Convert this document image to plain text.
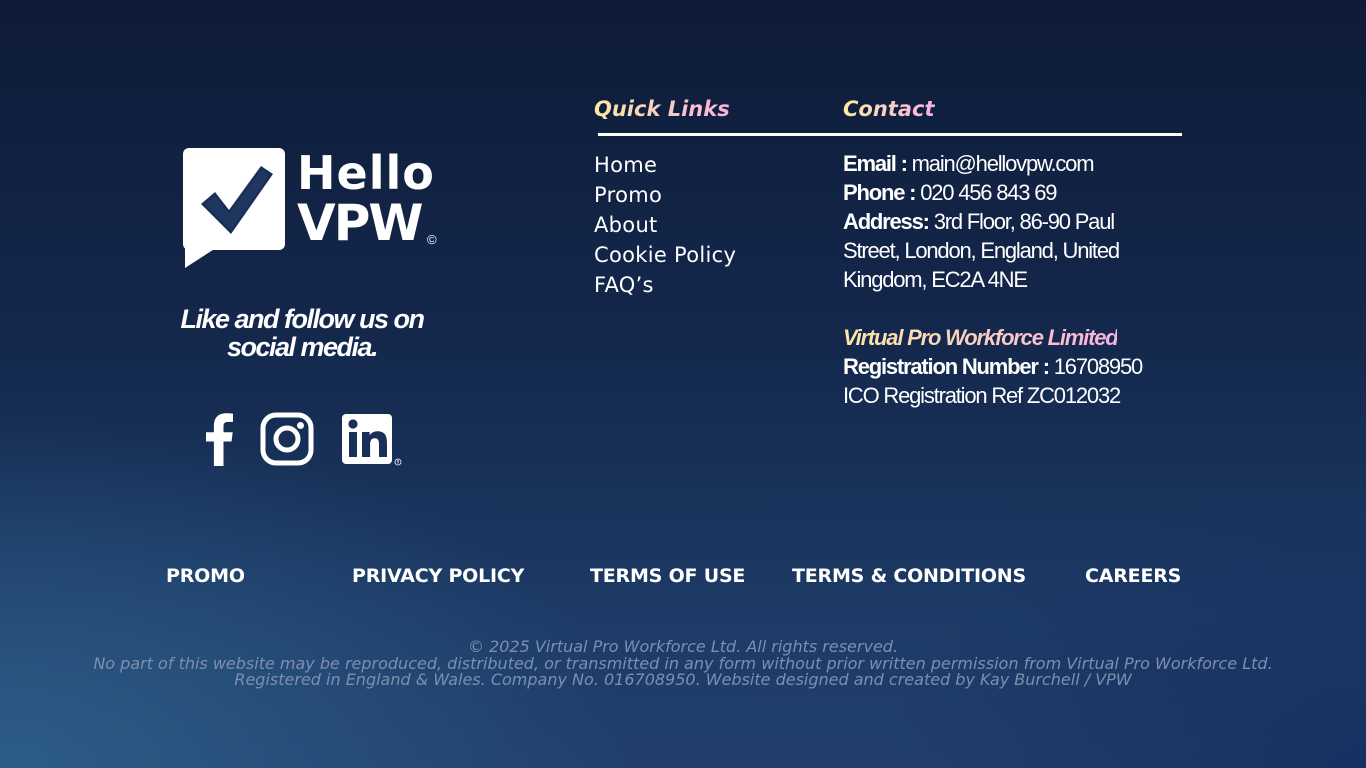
Hello
VPW ©
Like and follow us on social media.
R
Quick Links	Contact
Home
Promo
About
Cookie Policy
FAQ’s

Email : main@hellovpw.com

Phone : 020 456 843 69

Address: 3rd Floor, 86-90 Paul Street, London, England, United Kingdom, EC2A 4NE

Virtual Pro Workforce Limited

Registration Number : 16708950

ICO Registration Ref ZC012032

PROMO	PRIVACY POLICY	TERMS OF USE TERMS & CONDITIONS	CAREERS
© 2025 Virtual Pro Workforce Ltd. All rights reserved.
No part of this website may be reproduced, distributed, or transmitted in any form without prior written permission from Virtual Pro Workforce Ltd.
Registered in England & Wales. Company No. 016708950. Website designed and created by Kay Burchell / VPW
